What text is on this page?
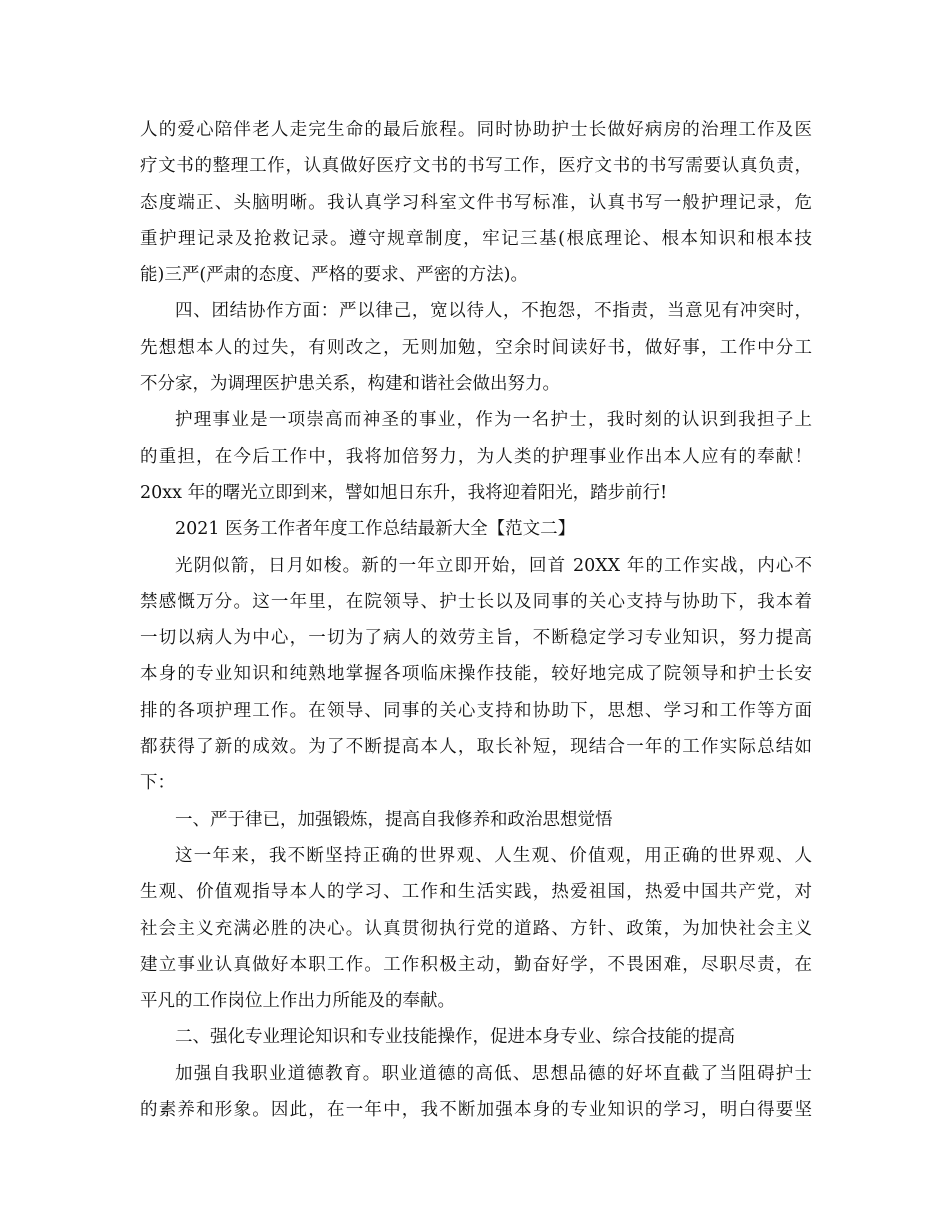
人的爱心陪伴老人走完生命的最后旅程。同时协助护士长做好病房的治理工作及医
疗文书的整理工作，认真做好医疗文书的书写工作，医疗文书的书写需要认真负责，
态度端正、头脑明晰。我认真学习科室文件书写标准，认真书写一般护理记录，危
重护理记录及抢救记录。遵守规章制度，牢记三基(根底理论、根本知识和根本技
能)三严(严肃的态度、严格的要求、严密的方法)。
四、团结协作方面：严以律己，宽以待人，不抱怨，不指责，当意见有冲突时，
先想想本人的过失，有则改之，无则加勉，空余时间读好书，做好事，工作中分工
不分家，为调理医护患关系，构建和谐社会做出努力。
护理事业是一项崇高而神圣的事业，作为一名护士，我时刻的认识到我担子上
的重担，在今后工作中，我将加倍努力，为人类的护理事业作出本人应有的奉献！
20xx 年的曙光立即到来，譬如旭日东升，我将迎着阳光，踏步前行!
2021 医务工作者年度工作总结最新大全【范文二】
光阴似箭，日月如梭。新的一年立即开始，回首 20XX 年的工作实战，内心不
禁感慨万分。这一年里，在院领导、护士长以及同事的关心支持与协助下，我本着
一切以病人为中心，一切为了病人的效劳主旨，不断稳定学习专业知识，努力提高
本身的专业知识和纯熟地掌握各项临床操作技能，较好地完成了院领导和护士长安
排的各项护理工作。在领导、同事的关心支持和协助下，思想、学习和工作等方面
都获得了新的成效。为了不断提高本人，取长补短，现结合一年的工作实际总结如
下：
一、严于律已，加强锻炼，提高自我修养和政治思想觉悟
这一年来，我不断坚持正确的世界观、人生观、价值观，用正确的世界观、人
生观、价值观指导本人的学习、工作和生活实践，热爱祖国，热爱中国共产党，对
社会主义充满必胜的决心。认真贯彻执行党的道路、方针、政策，为加快社会主义
建立事业认真做好本职工作。工作积极主动，勤奋好学，不畏困难，尽职尽责，在
平凡的工作岗位上作出力所能及的奉献。
二、强化专业理论知识和专业技能操作，促进本身专业、综合技能的提高
加强自我职业道德教育。职业道德的高低、思想品德的好坏直截了当阻碍护士
的素养和形象。因此，在一年中，我不断加强本身的专业知识的学习，明白得要坚
